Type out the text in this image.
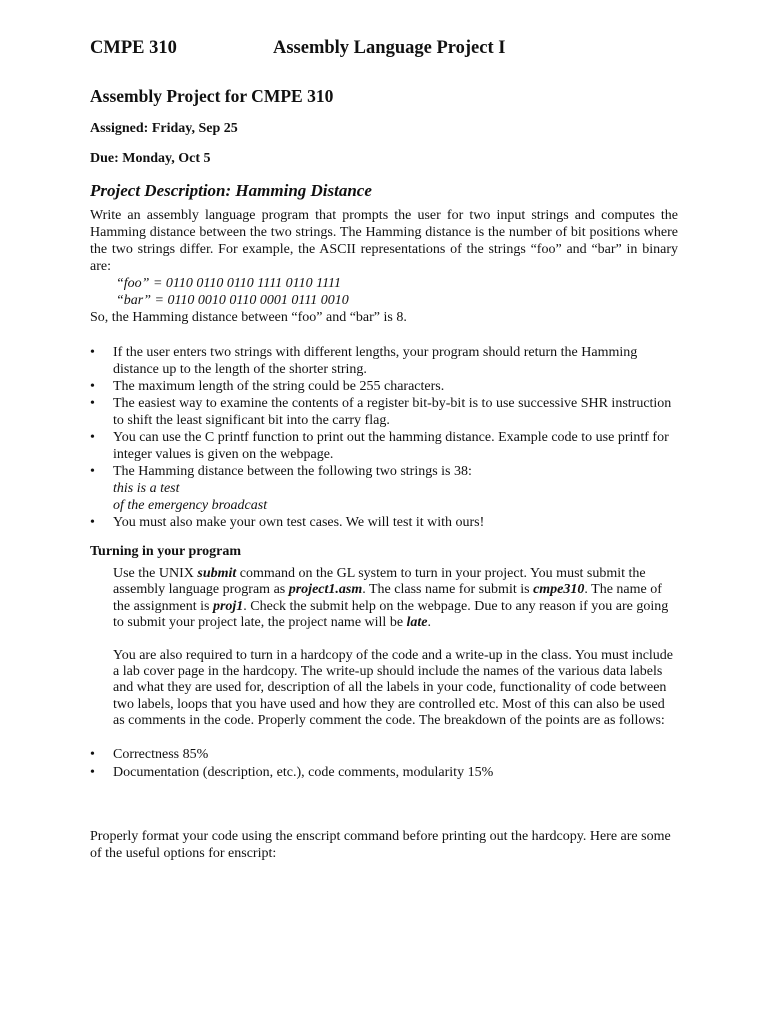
CMPE 310	Assembly Language Project I
Assembly Project for CMPE 310
Assigned: Friday, Sep 25
Due: Monday, Oct 5
Project Description: Hamming Distance

Write an assembly language program that prompts the user for two input strings and computes the Hamming distance between the two strings. The Hamming distance is the number of bit positions where the two strings differ. For example, the ASCII representations of the strings “foo” and “bar” in binary are:

“foo” = 0110 0110 0110 1111 0110 1111
“bar” = 0110 0010 0110 0001 0111 0010
So, the Hamming distance between “foo” and “bar” is 8.
• If the user enters two strings with different lengths, your program should return the Hamming distance up to the length of the shorter string.
• The maximum length of the string could be 255 characters.
• The easiest way to examine the contents of a register bit-by-bit is to use successive SHR instruction to shift the least significant bit into the carry flag.
• You can use the C printf function to print out the hamming distance. Example code to use printf for integer values is given on the webpage.
• The Hamming distance between the following two strings is 38:
this is a test
of the emergency broadcast
• You must also make your own test cases. We will test it with ours!
Turning in your program
Use the UNIX submit command on the GL system to turn in your project. You must submit the assembly language program as project1.asm. The class name for submit is cmpe310. The name of the assignment is proj1. Check the submit help on the webpage. Due to any reason if you are going to submit your project late, the project name will be late.
You are also required to turn in a hardcopy of the code and a write-up in the class. You must include a lab cover page in the hardcopy. The write-up should include the names of the various data labels and what they are used for, description of all the labels in your code, functionality of code between two labels, loops that you have used and how they are controlled etc. Most of this can also be used as comments in the code. Properly comment the code. The breakdown of the points are as follows:
• Correctness 85%
• Documentation (description, etc.), code comments, modularity 15%

Properly format your code using the enscript command before printing out the hardcopy. Here are some of the useful options for enscript:
